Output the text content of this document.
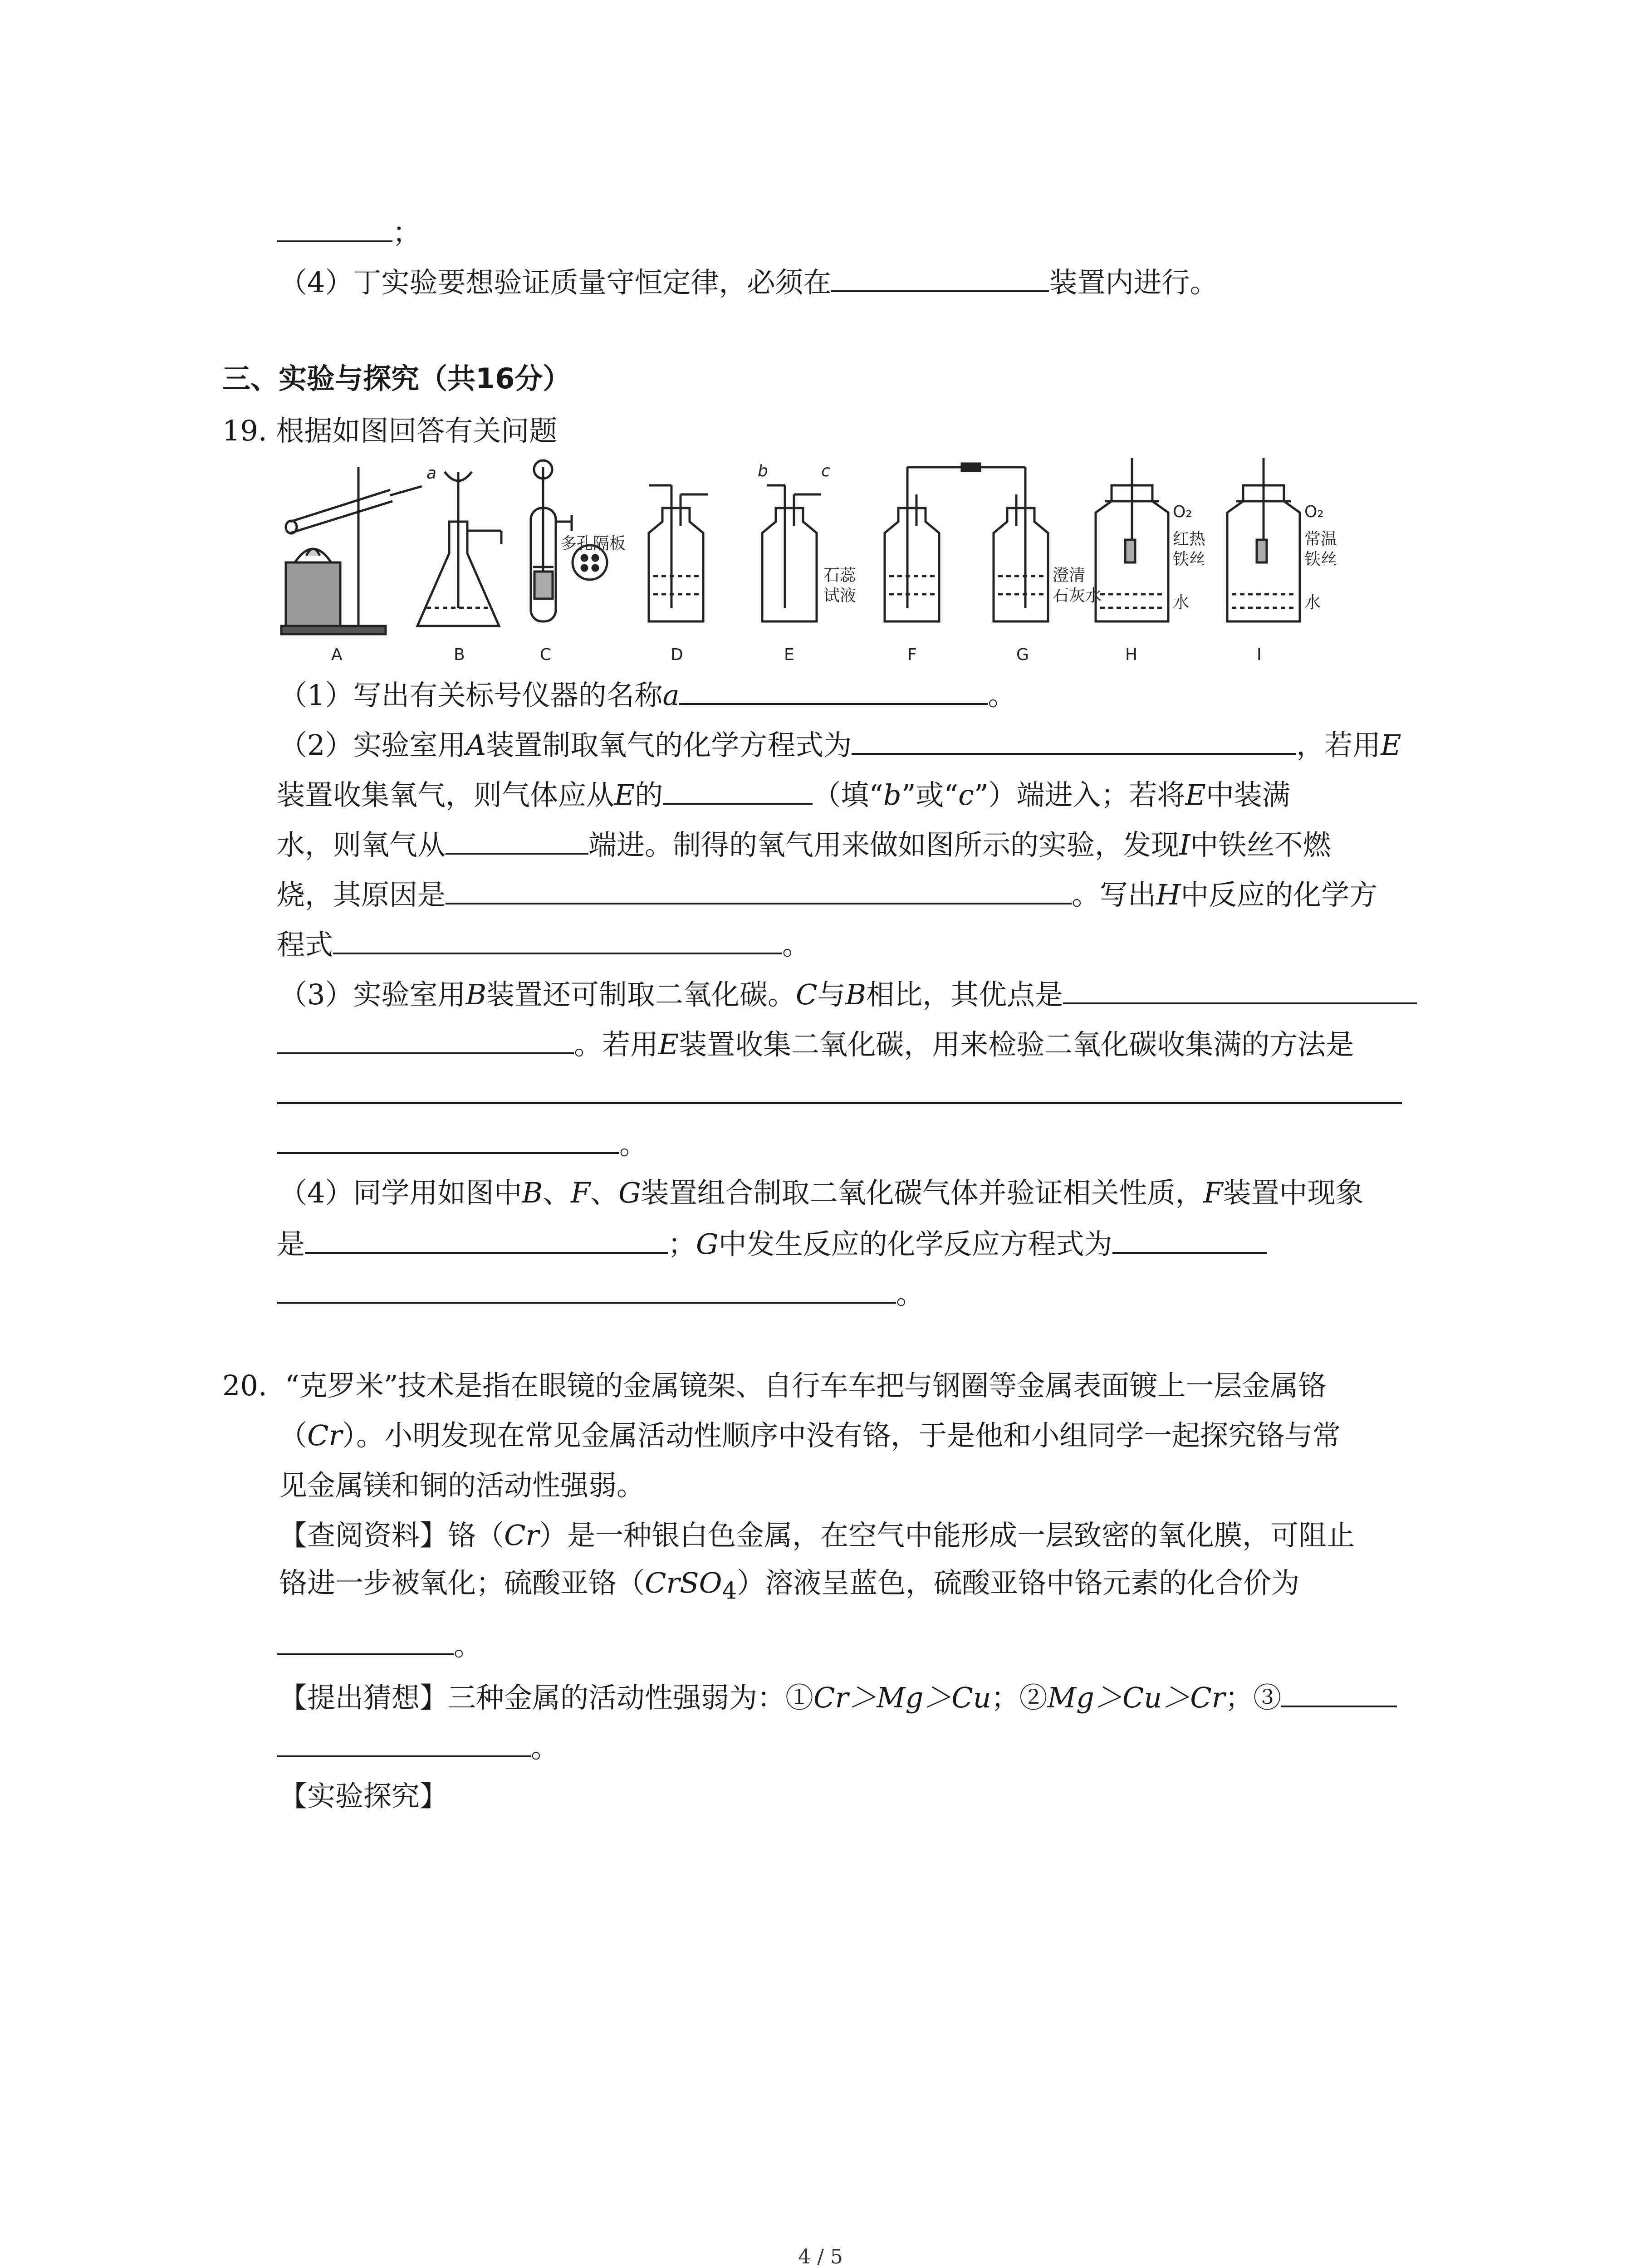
；
（4）丁实验要想验证质量守恒定律，必须在	装置内进行。
三、实验与探究（共16分）
19. 根据如图回答有关问题
A	B	C	D	E	F	G	H	I
a	b	c
多孔隔板
石蕊
试液
澄清
石灰水
O₂
红热
铁丝
水
O₂
常温
铁丝
水
（1）写出有关标号仪器的名称a	。
（2）实验室用A装置制取氧气的化学方程式为	，若用E
装置收集氧气，则气体应从E的	（填“b”或“c”）端进入；若将E中装满
水，则氧气从	端进。制得的氧气用来做如图所示的实验，发现I中铁丝不燃
烧，其原因是	。写出H中反应的化学方
程式	。
（3）实验室用B装置还可制取二氧化碳。C与B相比，其优点是
。若用E装置收集二氧化碳，用来检验二氧化碳收集满的方法是
。
（4）同学用如图中B、F、G装置组合制取二氧化碳气体并验证相关性质，F装置中现象
是	；G中发生反应的化学反应方程式为
。
20. “克罗米”技术是指在眼镜的金属镜架、自行车车把与钢圈等金属表面镀上一层金属铬
（Cr）。小明发现在常见金属活动性顺序中没有铬，于是他和小组同学一起探究铬与常
见金属镁和铜的活动性强弱。
【查阅资料】铬（Cr）是一种银白色金属，在空气中能形成一层致密的氧化膜，可阻止
铬进一步被氧化；硫酸亚铬（CrSO$_4$）溶液呈蓝色，硫酸亚铬中铬元素的化合价为
。
【提出猜想】三种金属的活动性强弱为：①Cr＞Mg＞Cu；②Mg＞Cu＞Cr；③
。
【实验探究】
4 / 5
